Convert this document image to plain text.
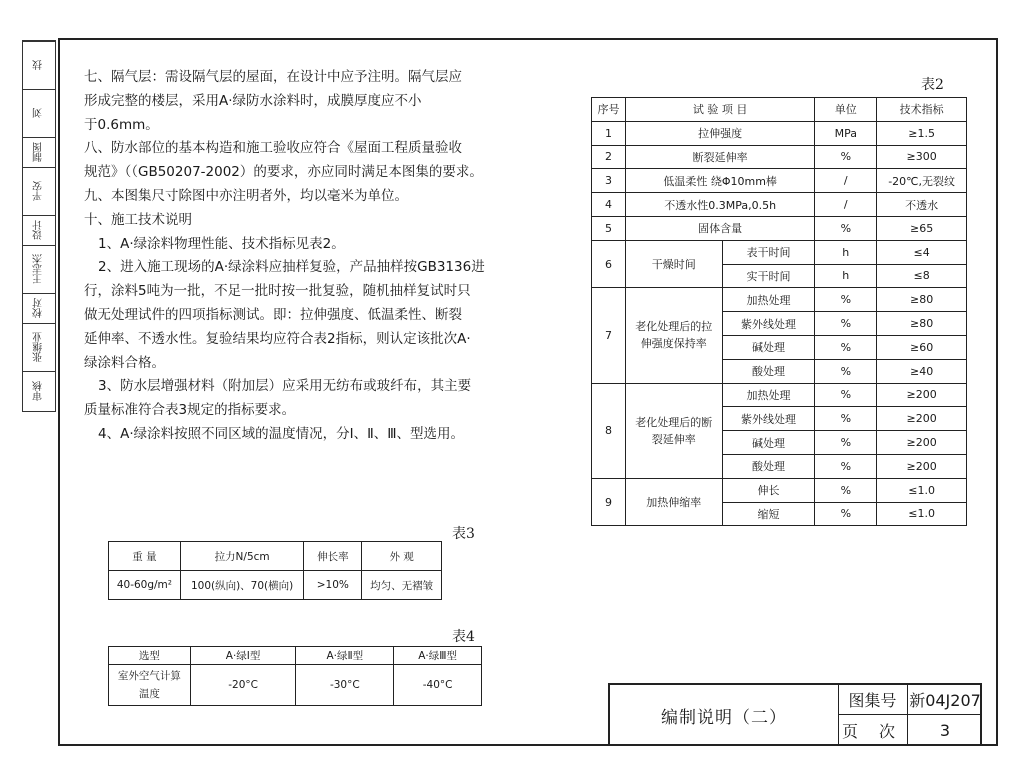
审核
张继业
校对
王志杰
设计
平安
制图
刘
技

七、隔气层：需设隔气层的屋面，在设计中应予注明。隔气层应

形成完整的楼层，采用A·绿防水涂料时，成膜厚度应不小

于0.6mm。

八、防水部位的基本构造和施工验收应符合《屋面工程质量验收

规范》（（GB50207-2002）的要求，亦应同时满足本图集的要求。

九、本图集尺寸除图中亦注明者外，均以毫米为单位。

十、施工技术说明

1、A·绿涂料物理性能、技术指标见表2。

2、进入施工现场的A·绿涂料应抽样复验，产品抽样按GB3136进

行，涂料5吨为一批，不足一批时按一批复验，随机抽样复试时只

做无处理试件的四项指标测试。即：拉伸强度、低温柔性、断裂

延伸率、不透水性。复验结果均应符合表2指标，则认定该批次A·

绿涂料合格。

3、防水层增强材料（附加层）应采用无纺布或玻纤布，其主要

质量标准符合表3规定的指标要求。

4、A·绿涂料按照不同区域的温度情况，分Ⅰ、Ⅱ、Ⅲ、型选用。

表2
序号	试 验 项 目		单位	技术指标
1	拉伸强度		MPa	≥1.5
2	断裂延伸率		%	≥300
3	低温柔性 绕Φ10mm棒		/	-20℃,无裂纹
4	不透水性0.3MPa,0.5h		/	不透水
5	固体含量		%	≥65
6	干燥时间	表干时间	h	≤4
		实干时间	h	≤8
7	老化处理后的拉伸强度保持率	加热处理	%	≥80
		紫外线处理	%	≥80
		碱处理	%	≥60
		酸处理	%	≥40
8	老化处理后的断裂延伸率	加热处理	%	≥200
		紫外线处理	%	≥200
		碱处理	%	≥200
		酸处理	%	≥200
9	加热伸缩率	伸长	%	≤1.0
		缩短	%	≤1.0
表3
重 量	拉力N/5cm	伸长率	外 观
40-60g/m²	100(纵向)、70(横向)	>10%	均匀、无褶皱
表4
选型	A·绿Ⅰ型	A·绿Ⅱ型	A·绿Ⅲ型
室外空气计算温度	-20°C	-30°C	-40°C
编制说明（二）
图集号 新04J207
页 次	3
